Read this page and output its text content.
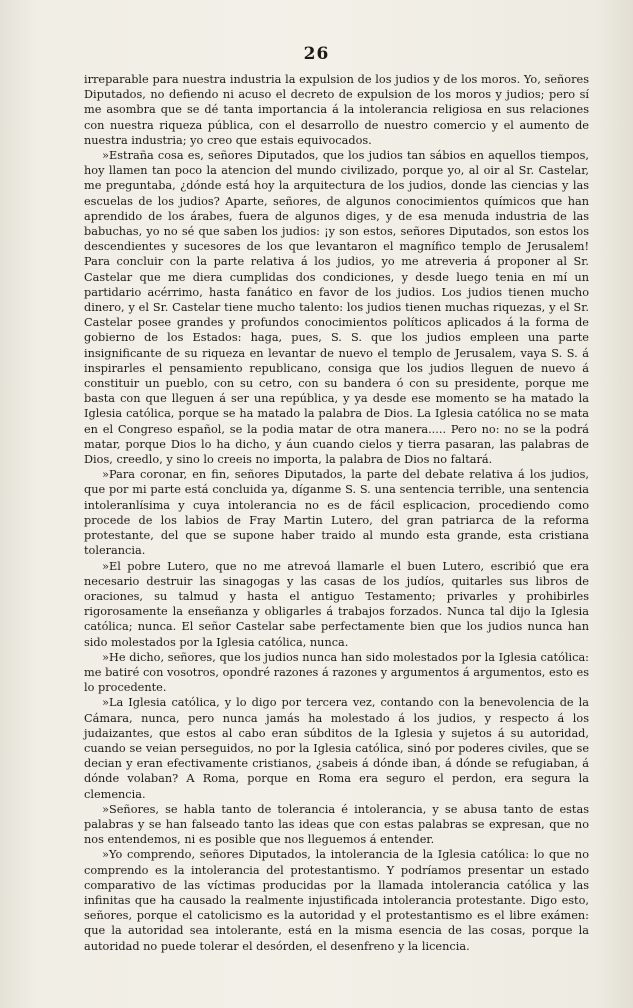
26

irreparable para nuestra industria la expulsion de los judios y de los moros. Yo, señores Diputados, no defiendo ni acuso el decreto de expulsion de los moros y judios; pero sí me asombra que se dé tanta importancia á la intolerancia religiosa en sus relaciones con nuestra riqueza pública, con el desarrollo de nuestro comercio y el aumento de nuestra industria; yo creo que estais equivocados.

»Estraña cosa es, señores Diputados, que los judios tan sábios en aquellos tiempos, hoy llamen tan poco la atencion del mundo civilizado, porque yo, al oir al Sr. Castelar, me preguntaba, ¿dónde está hoy la arquitectura de los judios, donde las ciencias y las escuelas de los judios? Aparte, señores, de algunos conocimientos químicos que han aprendido de los árabes, fuera de algunos diges, y de esa menuda industria de las babuchas, yo no sé que saben los judios: ¡y son estos, señores Diputados, son estos los descendientes y sucesores de los que levantaron el magnífico templo de Jerusalem! Para concluir con la parte relativa á los judios, yo me atreveria á proponer al Sr. Castelar que me diera cumplidas dos condiciones, y desde luego tenia en mí un partidario acérrimo, hasta fanático en favor de los judios. Los judios tienen mucho dinero, y el Sr. Castelar tiene mucho talento: los judios tienen muchas riquezas, y el Sr. Castelar posee grandes y profundos conocimientos políticos aplicados á la forma de gobierno de los Estados: haga, pues, S. S. que los judios empleen una parte insignificante de su riqueza en levantar de nuevo el templo de Jerusalem, vaya S. S. á inspirarles el pensamiento republicano, consiga que los judios lleguen de nuevo á constituir un pueblo, con su cetro, con su bandera ó con su presidente, porque me basta con que lleguen á ser una república, y ya desde ese momento se ha matado la Iglesia católica, porque se ha matado la palabra de Dios. La Iglesia católica no se mata en el Congreso español, se la podia matar de otra manera..... Pero no: no se la podrá matar, porque Dios lo ha dicho, y áun cuando cielos y tierra pasaran, las palabras de Dios, creedlo, y sino lo creeis no importa, la palabra de Dios no faltará.

»Para coronar, en fin, señores Diputados, la parte del debate relativa á los judios, que por mi parte está concluida ya, díganme S. S. una sentencia terrible, una sentencia intoleranlísima y cuya intolerancia no es de fácil esplicacion, procediendo como procede de los labios de Fray Martin Lutero, del gran patriarca de la reforma protestante, del que se supone haber traido al mundo esta grande, esta cristiana tolerancia.

»El pobre Lutero, que no me atrevoá llamarle el buen Lutero, escribió que era necesario destruir las sinagogas y las casas de los judíos, quitarles sus libros de oraciones, su talmud y hasta el antiguo Testamento; privarles y prohibirles rigorosamente la enseñanza y obligarles á trabajos forzados. Nunca tal dijo la Iglesia católica; nunca. El señor Castelar sabe perfectamente bien que los judios nunca han sido molestados por la Iglesia católica, nunca.

»He dicho, señores, que los judios nunca han sido molestados por la Iglesia católica: me batiré con vosotros, opondré razones á razones y argumentos á argumentos, esto es lo procedente.

»La Iglesia católica, y lo digo por tercera vez, contando con la benevolencia de la Cámara, nunca, pero nunca jamás ha molestado á los judios, y respecto á los judaizantes, que estos al cabo eran súbditos de la Iglesia y sujetos á su autoridad, cuando se veian perseguidos, no por la Iglesia católica, sinó por poderes civiles, que se decian y eran efectivamente cristianos, ¿sabeis á dónde iban, á dónde se refugiaban, á dónde volaban? A Roma, porque en Roma era seguro el perdon, era segura la clemencia.

»Señores, se habla tanto de tolerancia é intolerancia, y se abusa tanto de estas palabras y se han falseado tanto las ideas que con estas palabras se expresan, que no nos entendemos, ni es posible que nos lleguemos á entender.

»Yo comprendo, señores Diputados, la intolerancia de la Iglesia católica: lo que no comprendo es la intolerancia del protestantismo. Y podríamos presentar un estado comparativo de las víctimas producidas por la llamada intolerancia católica y las infinitas que ha causado la realmente injustificada intolerancia protestante. Digo esto, señores, porque el catolicismo es la autoridad y el protestantismo es el libre exámen: que la autoridad sea intolerante, está en la misma esencia de las cosas, porque la autoridad no puede tolerar el desórden, el desenfreno y la licencia.
